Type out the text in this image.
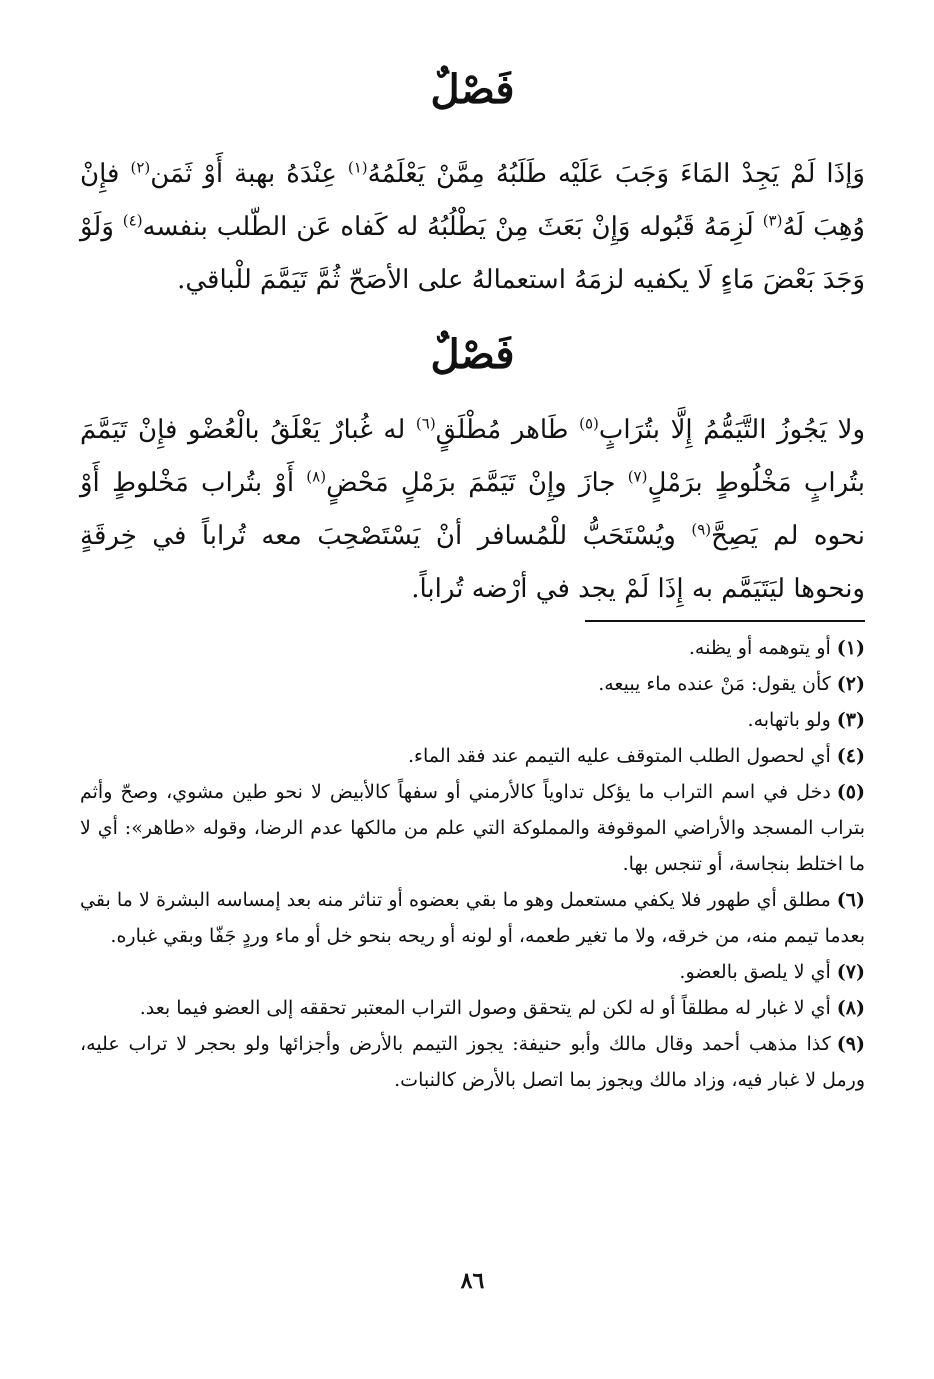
فَصْلٌ

وَإذَا لَمْ يَجِدْ المَاءَ وَجَبَ عَلَيْه طَلَبُهُ مِمَّنْ يَعْلَمُهُ$^{(١)}$ عِنْدَهُ بهبة أَوْ ثَمَن$^{(٢)}$ فإِنْ وُهِبَ لَهُ$^{(٣)}$ لَزِمَهُ قَبُوله وَإِنْ بَعَثَ مِنْ يَطْلُبُهُ له كَفاه عَن الطّلب بنفسه$^{(٤)}$ وَلَوْ وَجَدَ بَعْضَ مَاءٍ لَا يكفيه لزمَهُ استعمالهُ على الأصَحّ ثُمَّ تَيَمَّمَ للْباقي.

فَصْلٌ

ولا يَجُوزُ التَّيَمُّمُ إِلَّا بتُرَابٍ$^{(٥)}$ طَاهر مُطْلَقٍ$^{(٦)}$ له غُبارٌ يَعْلَقُ بالْعُضْو فإِنْ تَيَمَّمَ بتُرابٍ مَخْلُوطٍ برَمْلٍ$^{(٧)}$ جازَ وإِنْ تَيَمَّمَ برَمْلٍ مَحْضٍ$^{(٨)}$ أَوْ بتُراب مَخْلوطٍ أَوْ نحوه لم يَصِحَّ$^{(٩)}$ ويُسْتَحَبُّ للْمُسافر أنْ يَسْتَصْحِبَ معه تُراباً في خِرقَةٍ ونحوها ليَتَيَمَّم به إِذَا لَمْ يجد في أرْضه تُراباً.

(١)أو يتوهمه أو يظنه.

(٢)كأن يقول: مَنْ عنده ماء يبيعه.

(٣)ولو باتهابه.

(٤)أي لحصول الطلب المتوقف عليه التيمم عند فقد الماء.

(٥)دخل في اسم التراب ما يؤكل تداوياً كالأرمني أو سفهاً كالأبيض لا نحو طين مشوي، وصحّ وأثم بتراب المسجد والأراضي الموقوفة والمملوكة التي علم من مالكها عدم الرضا، وقوله «طاهر»: أي لا ما اختلط بنجاسة، أو تنجس بها.

(٦)مطلق أي طهور فلا يكفي مستعمل وهو ما بقي بعضوه أو تناثر منه بعد إمساسه البشرة لا ما بقي بعدما تيمم منه، من خرقه، ولا ما تغير طعمه، أو لونه أو ريحه بنحو خل أو ماء وردٍ جَفّا وبقي غباره.

(٧)أي لا يلصق بالعضو.

(٨)أي لا غبار له مطلقاً أو له لكن لم يتحقق وصول التراب المعتبر تحققه إلى العضو فيما بعد.

(٩)كذا مذهب أحمد وقال مالك وأبو حنيفة: يجوز التيمم بالأرض وأجزائها ولو بحجر لا تراب عليه، ورمل لا غبار فيه، وزاد مالك ويجوز بما اتصل بالأرض كالنبات.

٨٦
